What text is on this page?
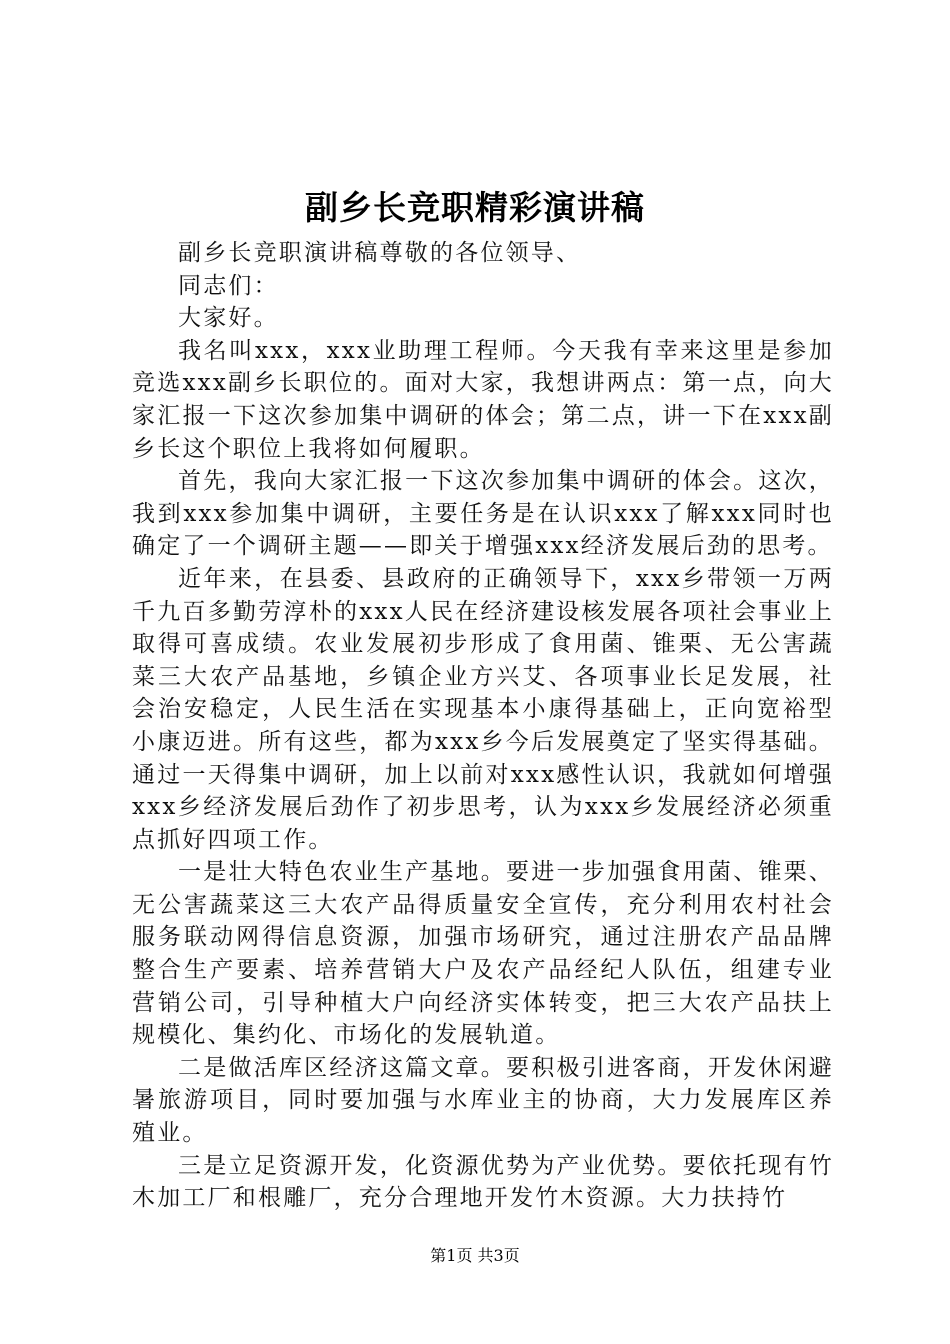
副乡长竞职精彩演讲稿

副乡长竞职演讲稿尊敬的各位领导、

同志们：

大家好。

我名叫xxx，xxx业助理工程师。今天我有幸来这里是参加竞选xxx副乡长职位的。面对大家，我想讲两点：第一点，向大家汇报一下这次参加集中调研的体会；第二点，讲一下在xxx副乡长这个职位上我将如何履职。

首先，我向大家汇报一下这次参加集中调研的体会。这次，我到xxx参加集中调研，主要任务是在认识xxx了解xxx同时也确定了一个调研主题——即关于增强xxx经济发展后劲的思考。

近年来，在县委、县政府的正确领导下，xxx乡带领一万两千九百多勤劳淳朴的xxx人民在经济建设核发展各项社会事业上取得可喜成绩。农业发展初步形成了食用菌、锥栗、无公害蔬菜三大农产品基地，乡镇企业方兴艾、各项事业长足发展，社会治安稳定，人民生活在实现基本小康得基础上，正向宽裕型小康迈进。所有这些，都为xxx乡今后发展奠定了坚实得基础。通过一天得集中调研，加上以前对xxx感性认识，我就如何增强xxx乡经济发展后劲作了初步思考，认为xxx乡发展经济必须重点抓好四项工作。

一是壮大特色农业生产基地。要进一步加强食用菌、锥栗、无公害蔬菜这三大农产品得质量安全宣传，充分利用农村社会服务联动网得信息资源，加强市场研究，通过注册农产品品牌整合生产要素、培养营销大户及农产品经纪人队伍，组建专业营销公司，引导种植大户向经济实体转变，把三大农产品扶上规模化、集约化、市场化的发展轨道。

二是做活库区经济这篇文章。要积极引进客商，开发休闲避暑旅游项目，同时要加强与水库业主的协商，大力发展库区养殖业。

三是立足资源开发，化资源优势为产业优势。要依托现有竹木加工厂和根雕厂，充分合理地开发竹木资源。大力扶持竹

第1页 共3页
